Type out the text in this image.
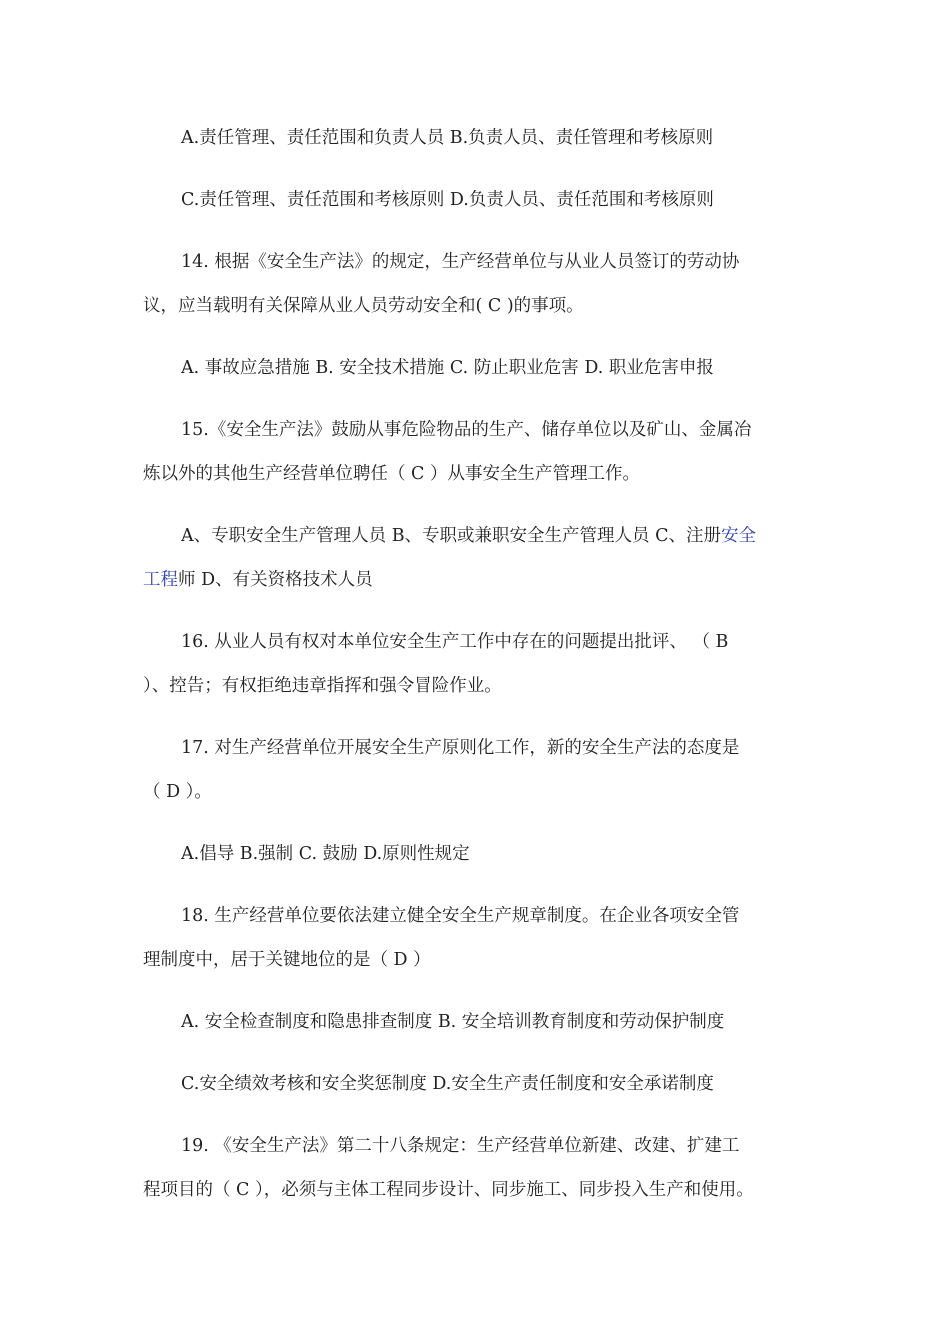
A.责任管理、责任范围和负责人员 B.负责人员、责任管理和考核原则
C.责任管理、责任范围和考核原则 D.负责人员、责任范围和考核原则
14. 根据《安全生产法》的规定，生产经营单位与从业人员签订的劳动协
议，应当载明有关保障从业人员劳动安全和( C )的事项。
A. 事故应急措施 B. 安全技术措施 C. 防止职业危害 D. 职业危害申报
15.《安全生产法》鼓励从事危险物品的生产、储存单位以及矿山、金属冶
炼以外的其他生产经营单位聘任（ C ）从事安全生产管理工作。
A、专职安全生产管理人员 B、专职或兼职安全生产管理人员 C、注册安全
工程师 D、有关资格技术人员
16. 从业人员有权对本单位安全生产工作中存在的问题提出批评、 （ B
）、控告；有权拒绝违章指挥和强令冒险作业。
17. 对生产经营单位开展安全生产原则化工作，新的安全生产法的态度是
（ D ）。
A.倡导 B.强制 C. 鼓励 D.原则性规定
18. 生产经营单位要依法建立健全安全生产规章制度。在企业各项安全管
理制度中，居于关键地位的是（ D ）
A. 安全检查制度和隐患排查制度 B. 安全培训教育制度和劳动保护制度
C.安全绩效考核和安全奖惩制度 D.安全生产责任制度和安全承诺制度
19. 《安全生产法》第二十八条规定：生产经营单位新建、改建、扩建工
程项目的（ C ），必须与主体工程同步设计、同步施工、同步投入生产和使用。
